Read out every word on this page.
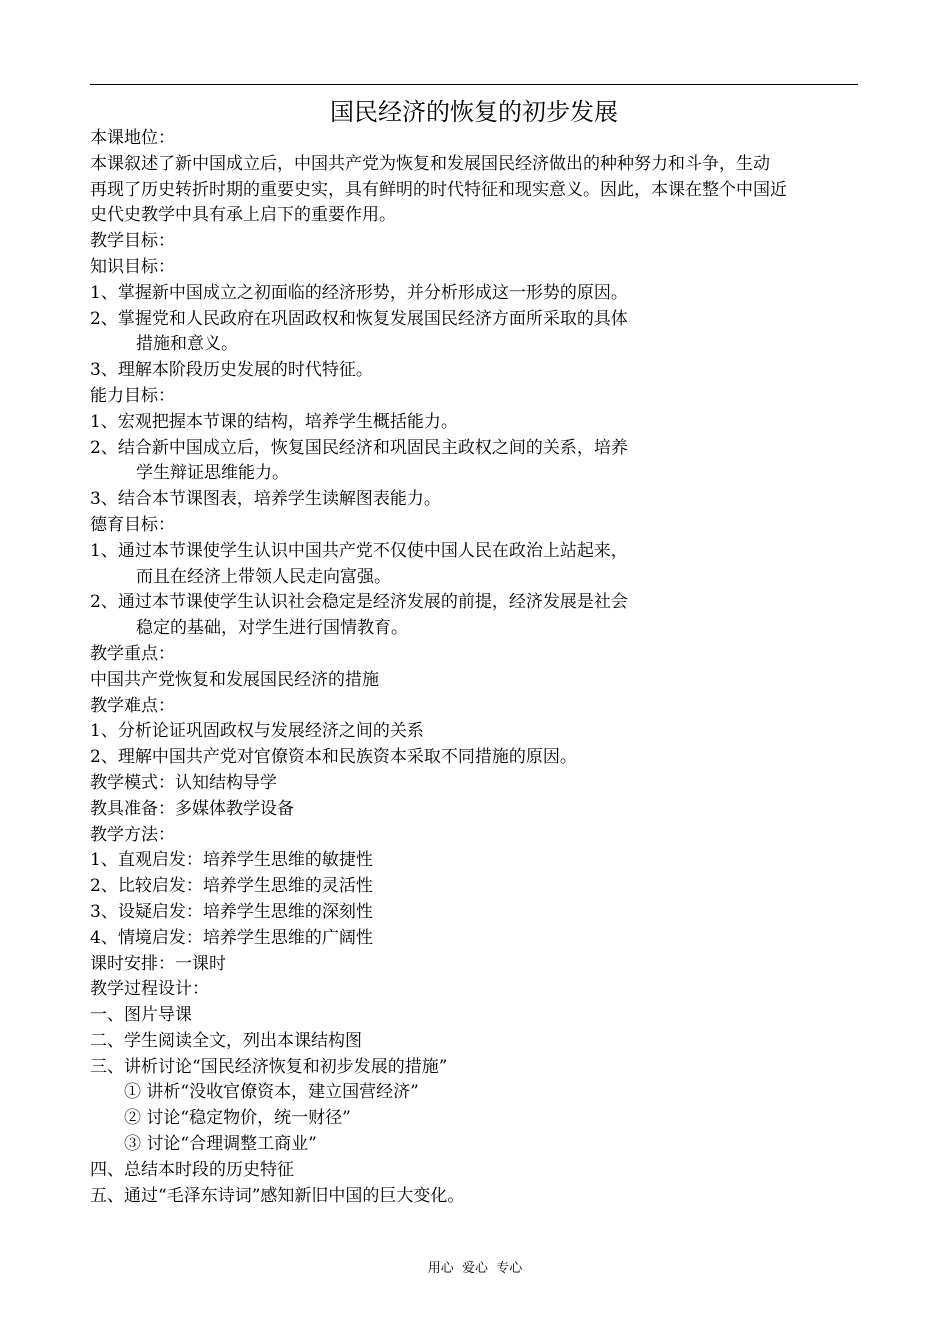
国民经济的恢复的初步发展
本课地位：
本课叙述了新中国成立后，中国共产党为恢复和发展国民经济做出的种种努力和斗争，生动
再现了历史转折时期的重要史实，具有鲜明的时代特征和现实意义。因此，本课在整个中国近
史代史教学中具有承上启下的重要作用。
教学目标：
知识目标：
1、掌握新中国成立之初面临的经济形势，并分析形成这一形势的原因。
2、掌握党和人民政府在巩固政权和恢复发展国民经济方面所采取的具体
措施和意义。
3、理解本阶段历史发展的时代特征。
能力目标：
1、宏观把握本节课的结构，培养学生概括能力。
2、结合新中国成立后，恢复国民经济和巩固民主政权之间的关系，培养
学生辩证思维能力。
3、结合本节课图表，培养学生读解图表能力。
德育目标：
1、通过本节课使学生认识中国共产党不仅使中国人民在政治上站起来，
而且在经济上带领人民走向富强。
2、通过本节课使学生认识社会稳定是经济发展的前提，经济发展是社会
稳定的基础，对学生进行国情教育。
教学重点：
中国共产党恢复和发展国民经济的措施
教学难点：
1、分析论证巩固政权与发展经济之间的关系
2、理解中国共产党对官僚资本和民族资本采取不同措施的原因。
教学模式：认知结构导学
教具准备：多媒体教学设备
教学方法：
1、直观启发：培养学生思维的敏捷性
2、比较启发：培养学生思维的灵活性
3、设疑启发：培养学生思维的深刻性
4、情境启发：培养学生思维的广阔性
课时安排：一课时
教学过程设计：
一、图片导课
二、学生阅读全文，列出本课结构图
三、讲析讨论“国民经济恢复和初步发展的措施”
① 讲析“没收官僚资本，建立国营经济”
② 讨论“稳定物价，统一财径”
③ 讨论“合理调整工商业”
四、总结本时段的历史特征
五、通过“毛泽东诗词”感知新旧中国的巨大变化。
用心  爱心  专心
